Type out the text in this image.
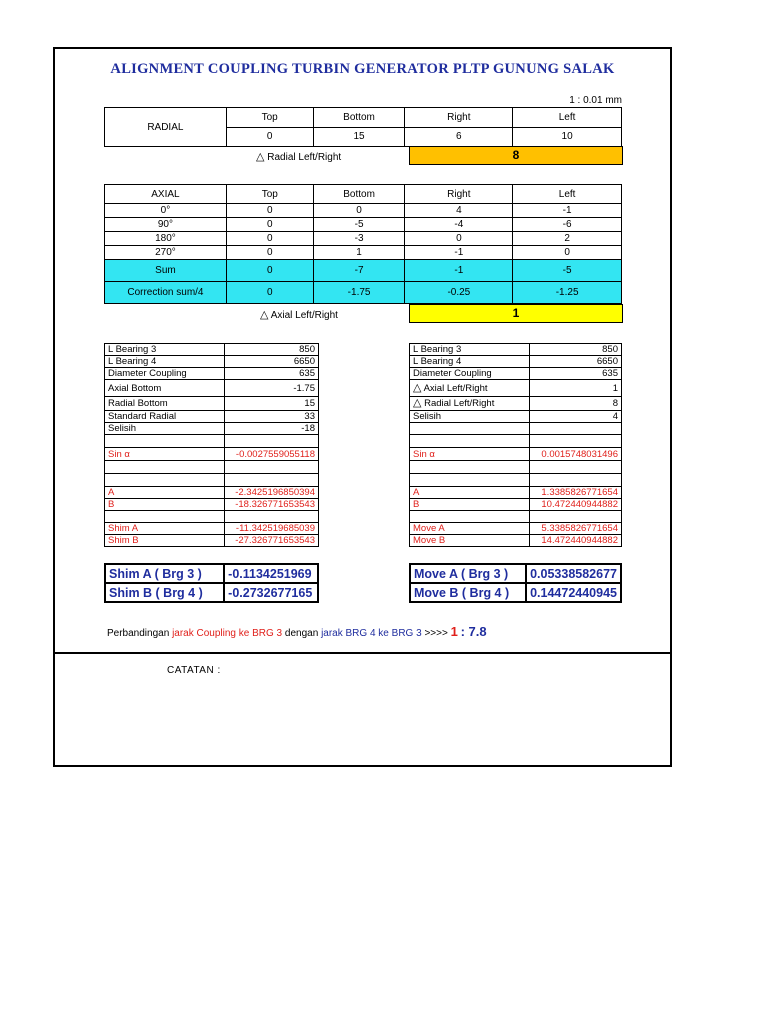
ALIGNMENT COUPLING TURBIN GENERATOR PLTP GUNUNG SALAK
1 : 0.01 mm
RADIAL	Top	Bottom	Right	Left
	0	15	6	10
△ Radial Left/Right	8
AXIAL	Top	Bottom	Right	Left
0°	0	0	4	-1
90°	0	-5	-4	-6
180°	0	-3	0	2
270°	0	1	-1	0
Sum	0	-7	-1	-5
Correction sum/4	0	-1.75	-0.25	-1.25
△ Axial Left/Right	1
L Bearing 3	850
L Bearing 4	6650
Diameter Coupling	635
Axial Bottom	-1.75
Radial Bottom	15
Standard Radial	33
Selisih	-18

Sin α	-0.0027559055118

A	-2.3425196850394
B	-18.326771653543

Shim A	-11.342519685039
Shim B	-27.326771653543
L Bearing 3	850
L Bearing 4	6650
Diameter Coupling	635
△ Axial Left/Right	1
△ Radial Left/Right	8
Selisih	4

Sin α	0.0015748031496

A	1.3385826771654
B	10.472440944882

Move A	5.3385826771654
Move B	14.472440944882
Shim A ( Brg 3 )	-0.1134251969
Shim B ( Brg 4 )	-0.2732677165
Move A ( Brg 3 )	0.05338582677
Move B ( Brg 4 )	0.14472440945
Perbandingan jarak Coupling ke BRG 3 dengan jarak BRG 4 ke BRG 3 >>>> 1 : 7.8
CATATAN :
